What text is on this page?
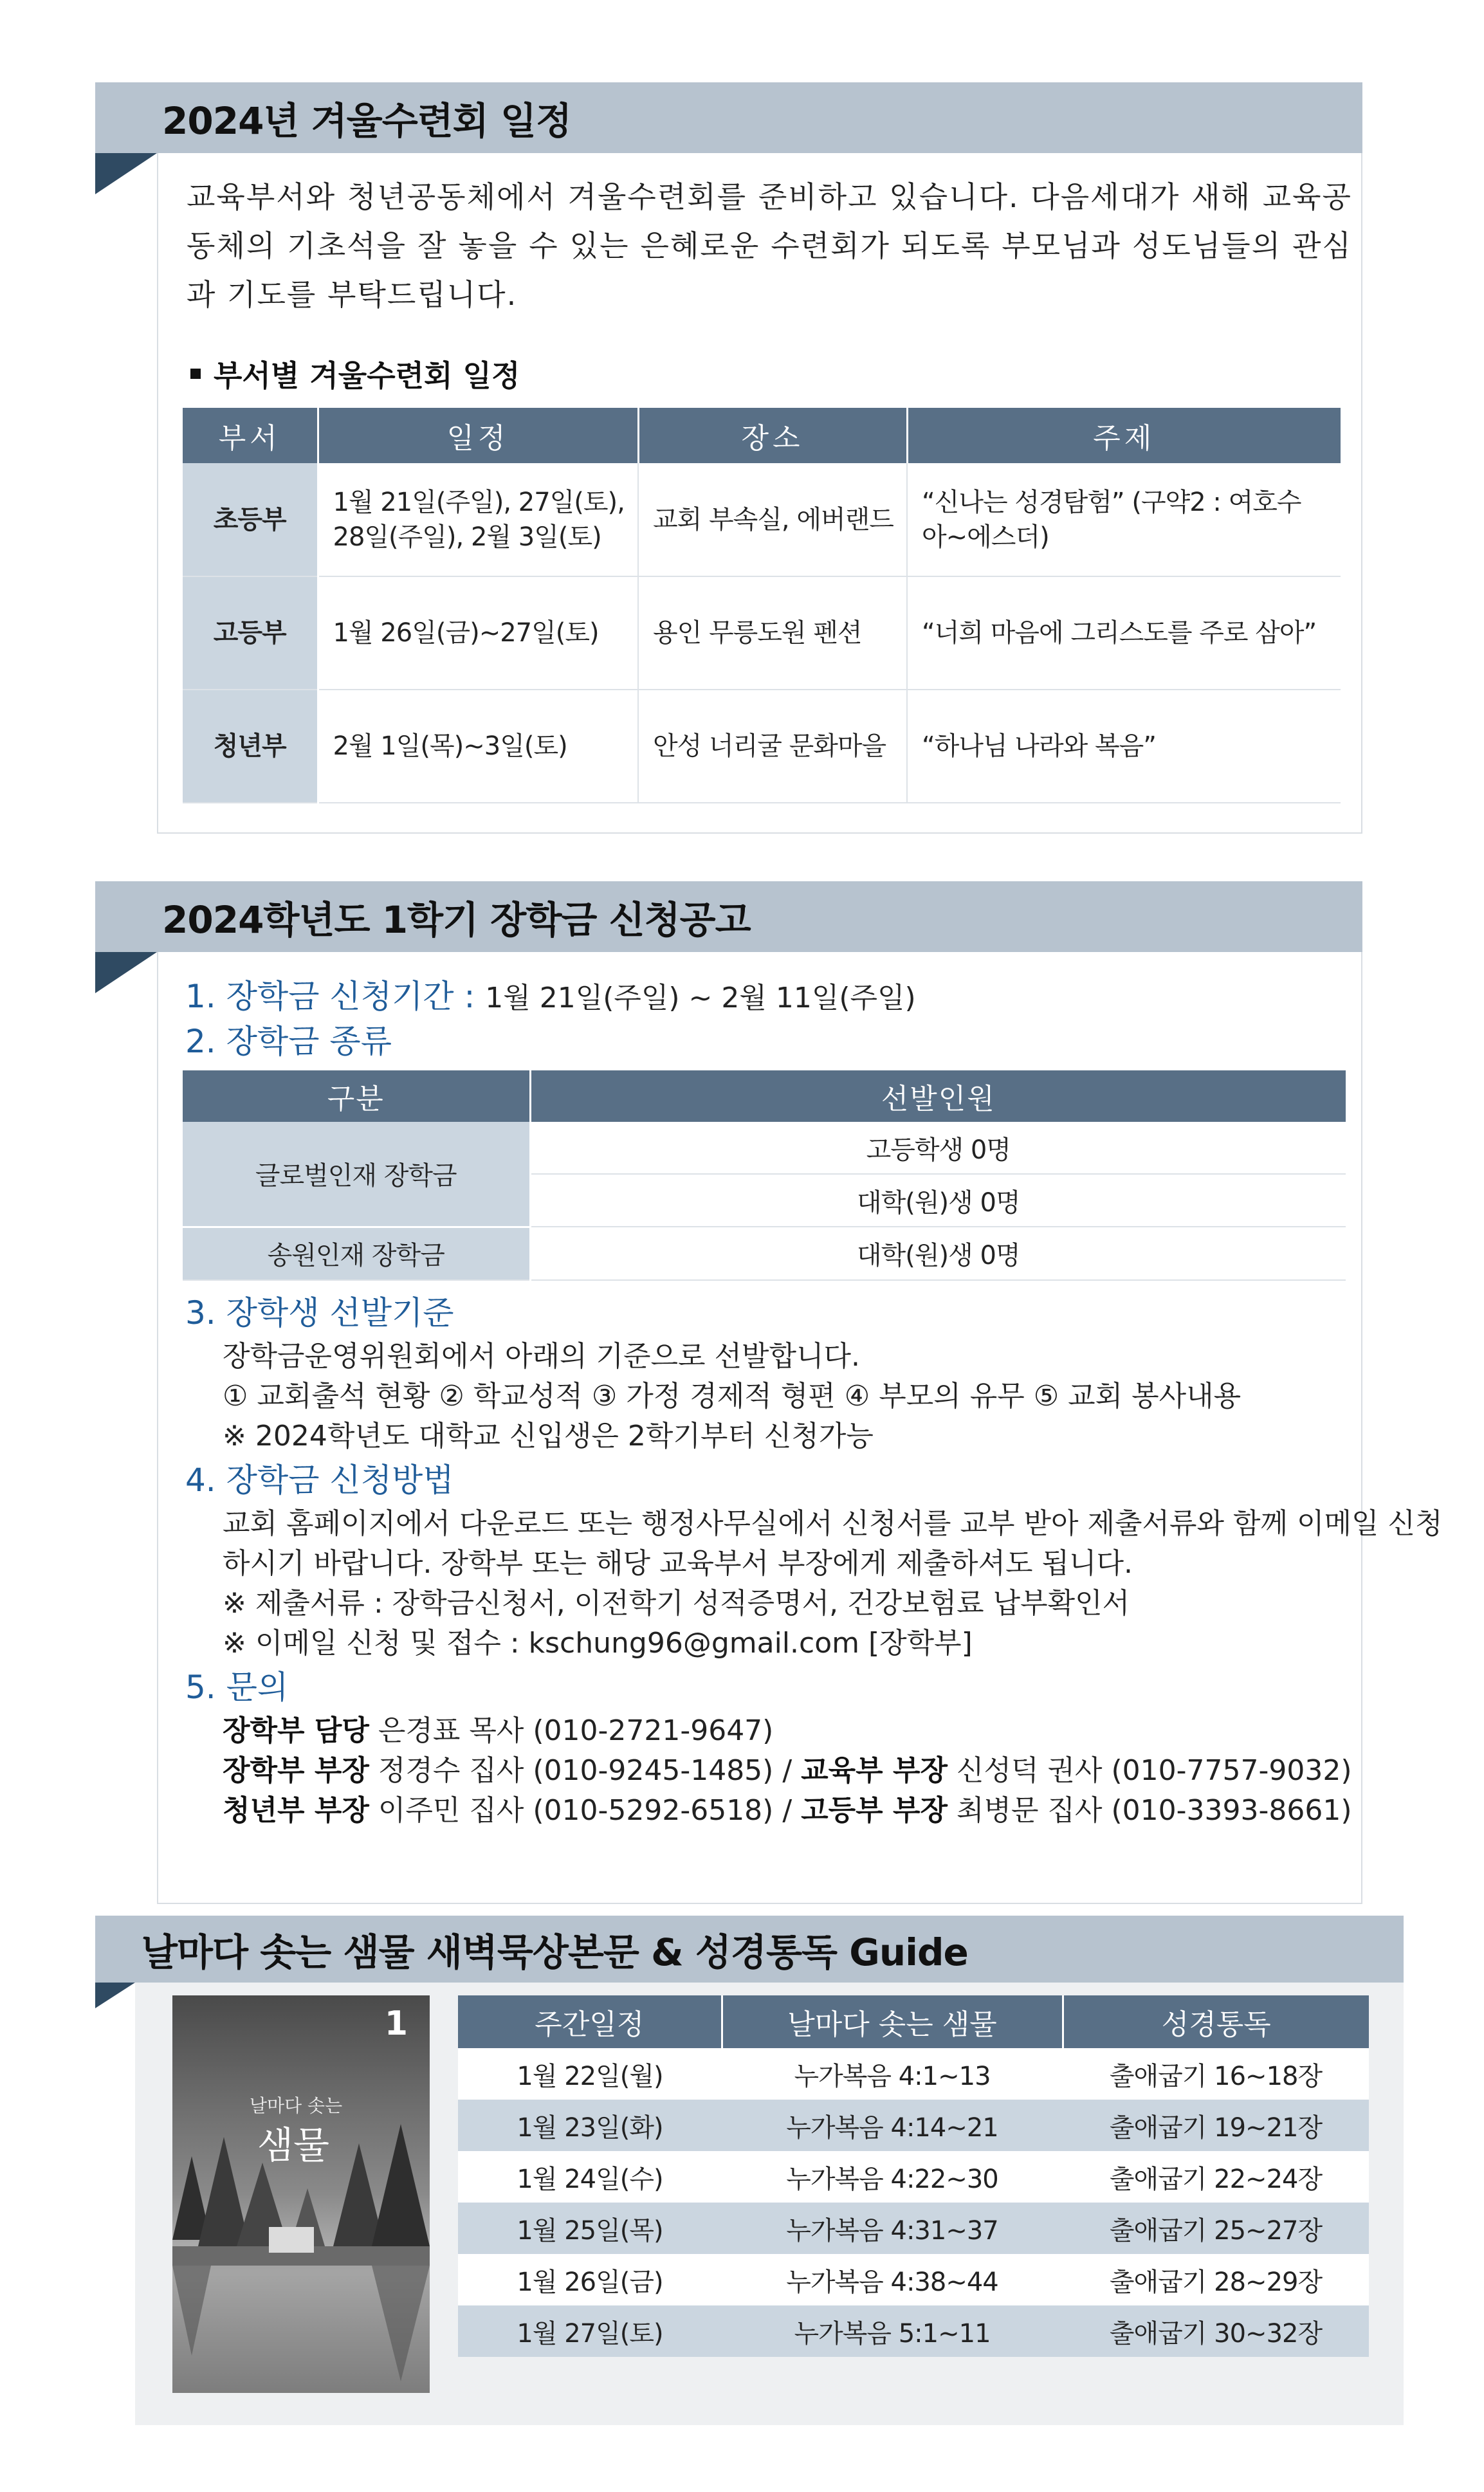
2024년 겨울수련회 일정
교육부서와 청년공동체에서 겨울수련회를 준비하고 있습니다. 다음세대가 새해 교육공동체의 기초석을 잘 놓을 수 있는 은혜로운 수련회가 되도록 부모님과 성도님들의 관심과 기도를 부탁드립니다.
부서별 겨울수련회 일정
부서	일정	장소	주제
초등부	1월 21일(주일), 27일(토), 28일(주일), 2월 3일(토)	교회 부속실, 에버랜드	“신나는 성경탐험” (구약2 : 여호수아~에스더)
고등부	1월 26일(금)~27일(토)	용인 무릉도원 펜션	“너희 마음에 그리스도를 주로 삼아”
청년부	2월 1일(목)~3일(토)	안성 너리굴 문화마을	“하나님 나라와 복음”
2024학년도 1학기 장학금 신청공고
1. 장학금 신청기간 : 1월 21일(주일) ~ 2월 11일(주일)
2. 장학금 종류
구분	선발인원
글로벌인재 장학금	고등학생 0명
	대학(원)생 0명
송원인재 장학금	대학(원)생 0명
3. 장학생 선발기준
장학금운영위원회에서 아래의 기준으로 선발합니다.
① 교회출석 현황 ② 학교성적 ③ 가정 경제적 형편 ④ 부모의 유무 ⑤ 교회 봉사내용
※ 2024학년도 대학교 신입생은 2학기부터 신청가능
4. 장학금 신청방법
교회 홈페이지에서 다운로드 또는 행정사무실에서 신청서를 교부 받아 제출서류와 함께 이메일 신청
하시기 바랍니다. 장학부 또는 해당 교육부서 부장에게 제출하셔도 됩니다.
※ 제출서류 : 장학금신청서, 이전학기 성적증명서, 건강보험료 납부확인서
※ 이메일 신청 및 접수 : kschung96@gmail.com [장학부]
5. 문의
장학부 담당 은경표 목사 (010-2721-9647)
장학부 부장 정경수 집사 (010-9245-1485) / 교육부 부장 신성덕 권사 (010-7757-9032)
청년부 부장 이주민 집사 (010-5292-6518) / 고등부 부장 최병문 집사 (010-3393-8661)
날마다 솟는 샘물 새벽묵상본문 & 성경통독 Guide
1
날마다 솟는
샘물
주간일정	날마다 솟는 샘물	성경통독
1월 22일(월)	누가복음 4:1~13	출애굽기 16~18장
1월 23일(화)	누가복음 4:14~21	출애굽기 19~21장
1월 24일(수)	누가복음 4:22~30	출애굽기 22~24장
1월 25일(목)	누가복음 4:31~37	출애굽기 25~27장
1월 26일(금)	누가복음 4:38~44	출애굽기 28~29장
1월 27일(토)	누가복음 5:1~11	출애굽기 30~32장
